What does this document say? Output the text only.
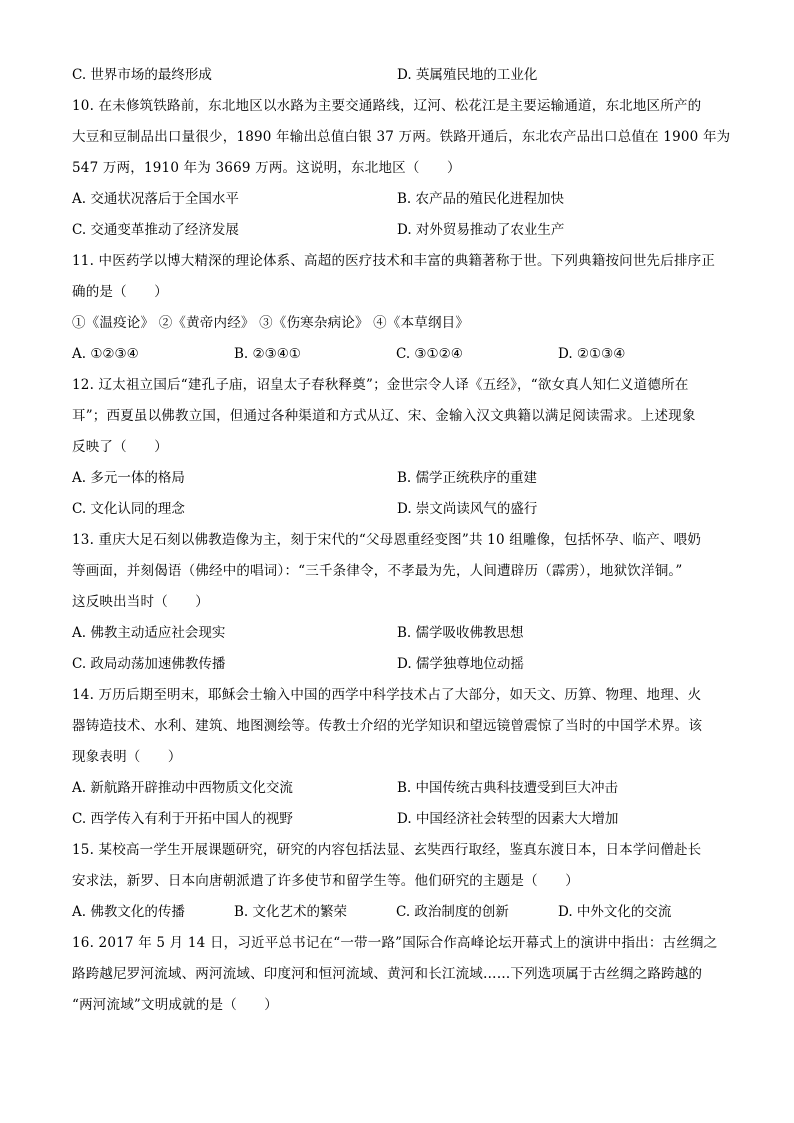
C. 世界市场的最终形成	D. 英属殖民地的工业化
10. 在未修筑铁路前，东北地区以水路为主要交通路线，辽河、松花江是主要运输通道，东北地区所产的
大豆和豆制品出口量很少，1890 年输出总值白银 37 万两。铁路开通后，东北农产品出口总值在 1900 年为
547 万两，1910 年为 3669 万两。这说明，东北地区（　　）
A. 交通状况落后于全国水平	B. 农产品的殖民化进程加快
C. 交通变革推动了经济发展	D. 对外贸易推动了农业生产
11. 中医药学以博大精深的理论体系、高超的医疗技术和丰富的典籍著称于世。下列典籍按问世先后排序正
确的是（　　）
①《温疫论》 ②《黄帝内经》 ③《伤寒杂病论》 ④《本草纲目》
A. ①②③④	B. ②③④①	C. ③①②④	D. ②①③④
12. 辽太祖立国后“建孔子庙，诏皇太子春秋释奠”；金世宗令人译《五经》，“欲女真人知仁义道德所在
耳”；西夏虽以佛教立国，但通过各种渠道和方式从辽、宋、金输入汉文典籍以满足阅读需求。上述现象
反映了（　　）
A. 多元一体的格局	B. 儒学正统秩序的重建
C. 文化认同的理念	D. 崇文尚读风气的盛行
13. 重庆大足石刻以佛教造像为主，刻于宋代的“父母恩重经变图”共 10 组雕像，包括怀孕、临产、喂奶
等画面，并刻偈语（佛经中的唱词）：“三千条律令，不孝最为先，人间遭辟历（霹雳），地狱饮洋铜。”
这反映出当时（　　）
A. 佛教主动适应社会现实	B. 儒学吸收佛教思想
C. 政局动荡加速佛教传播	D. 儒学独尊地位动摇
14. 万历后期至明末，耶稣会士输入中国的西学中科学技术占了大部分，如天文、历算、物理、地理、火
器铸造技术、水利、建筑、地图测绘等。传教士介绍的光学知识和望远镜曾震惊了当时的中国学术界。该
现象表明（　　）
A. 新航路开辟推动中西物质文化交流	B. 中国传统古典科技遭受到巨大冲击
C. 西学传入有利于开拓中国人的视野	D. 中国经济社会转型的因素大大增加
15. 某校高一学生开展课题研究，研究的内容包括法显、玄奘西行取经，鉴真东渡日本，日本学问僧赴长
安求法，新罗、日本向唐朝派遣了许多使节和留学生等。他们研究的主题是（　　）
A. 佛教文化的传播	B. 文化艺术的繁荣	C. 政治制度的创新	D. 中外文化的交流
16. 2017 年 5 月 14 日，习近平总书记在“一带一路”国际合作高峰论坛开幕式上的演讲中指出：古丝绸之
路跨越尼罗河流域、两河流域、印度河和恒河流域、黄河和长江流域……下列选项属于古丝绸之路跨越的
“两河流域”文明成就的是（　　）
